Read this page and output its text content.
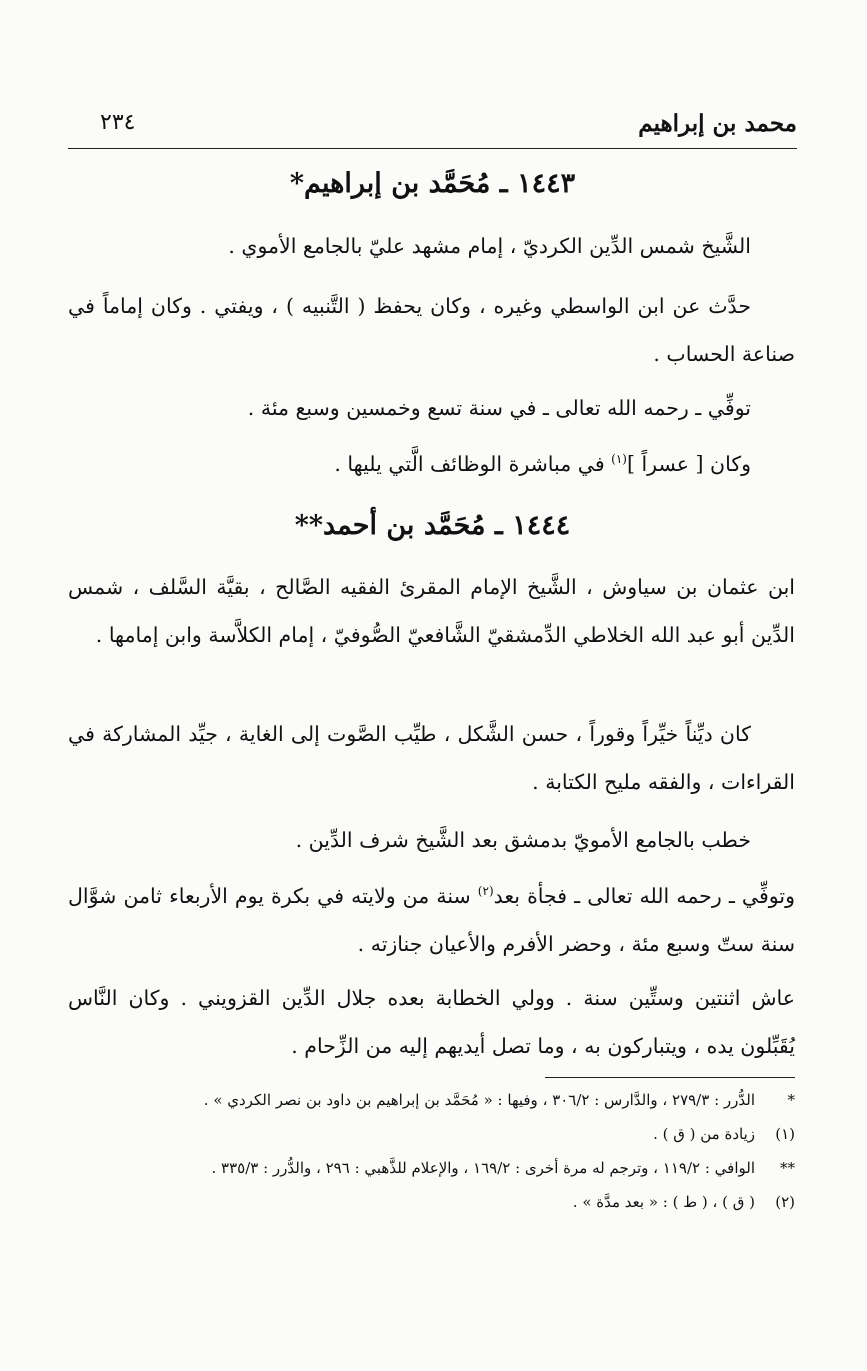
محمد بن إبراهيم
٢٣٤
١٤٤٣ ـ مُحَمَّد بن إبراهيم*
الشَّيخ شمس الدِّين الكرديّ ، إمام مشهد عليّ بالجامع الأموي .
حدَّث عن ابن الواسطي وغيره ، وكان يحفظ ( التَّنبيه ) ، ويفتي . وكان إماماً في صناعة الحساب .
توفِّي ـ رحمه الله تعالى ـ في سنة تسع وخمسين وسبع مئة .
وكان [ عسراً ]$^{(١)}$ في مباشرة الوظائف الَّتي يليها .
١٤٤٤ ـ مُحَمَّد بن أحمد**
ابن عثمان بن سياوش ، الشَّيخ الإمام المقرئ الفقيه الصَّالح ، بقيَّة السَّلف ، شمس الدِّين أبو عبد الله الخلاطي الدِّمشقيّ الشَّافعيّ الصُّوفيّ ، إمام الكلاَّسة وابن إمامها .
كان ديِّناً خيِّراً وقوراً ، حسن الشَّكل ، طيِّب الصَّوت إلى الغاية ، جيِّد المشاركة في القراءات ، والفقه مليح الكتابة .
خطب بالجامع الأمويّ بدمشق بعد الشَّيخ شرف الدِّين .
وتوفِّي ـ رحمه الله تعالى ـ فجأة بعد$^{(٢)}$ سنة من ولايته في بكرة يوم الأربعاء ثامن شوَّال سنة ستّ وسبع مئة ، وحضر الأفرم والأعيان جنازته .
عاش اثنتين وستِّين سنة . وولي الخطابة بعده جلال الدِّين القزويني . وكان النَّاس يُقَبِّلون يده ، ويتباركون به ، وما تصل أيديهم إليه من الزِّحام .
*
الدُّرر : ٢٧٩/٣ ، والدَّارس : ٣٠٦/٢ ، وفيها : « مُحَمَّد بن إبراهيم بن داود بن نصر الكردي » .
(١)
زيادة من ( ق ) .
**
الوافي : ١١٩/٢ ، وترجم له مرة أخرى : ١٦٩/٢ ، والإعلام للذَّهبي : ٢٩٦ ، والدُّرر : ٣٣٥/٣ .
(٢)
( ق ) ، ( ط ) : « بعد مدَّة » .
